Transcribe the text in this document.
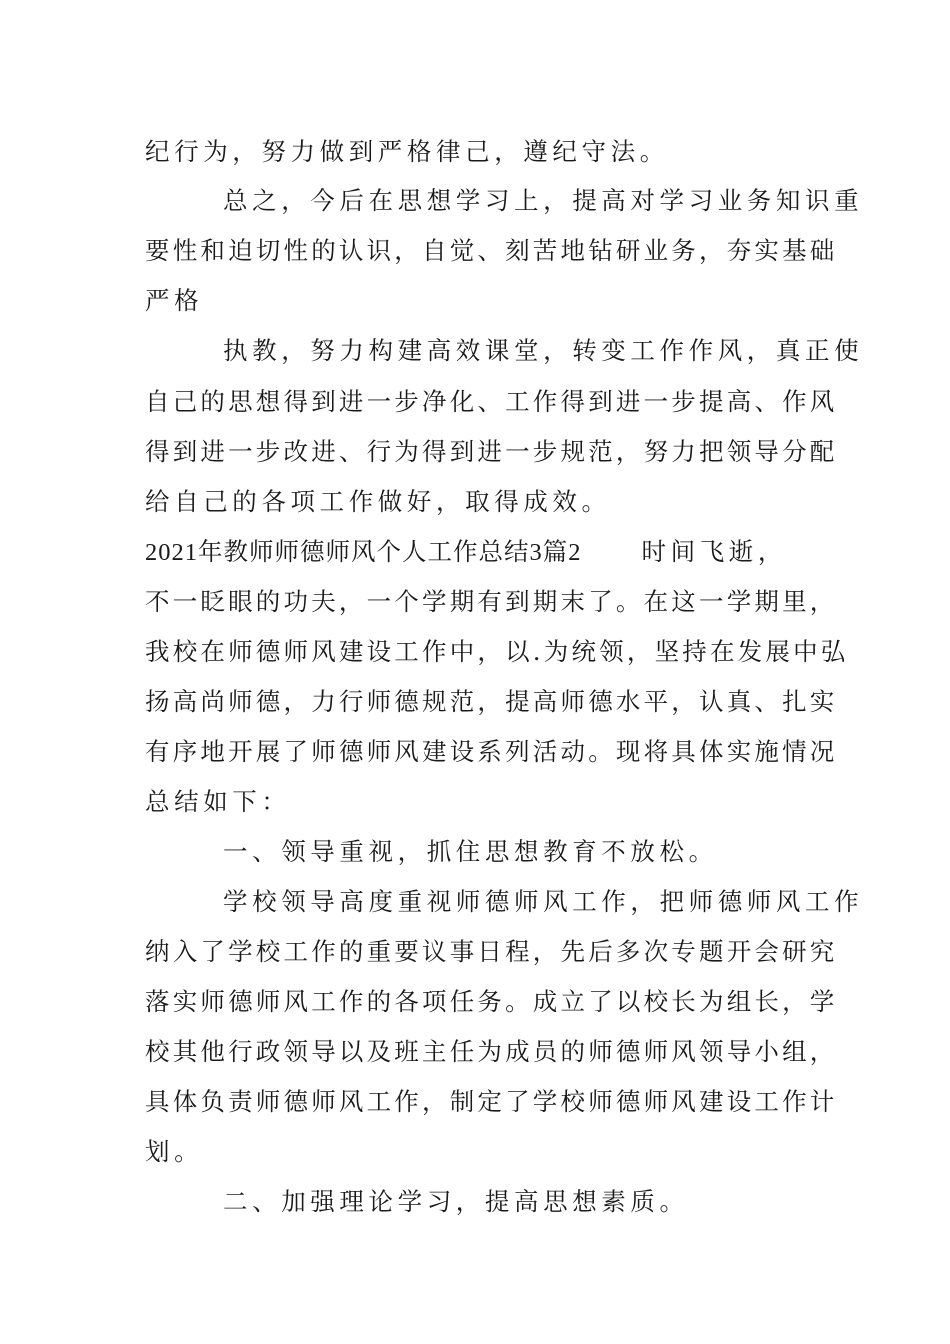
纪行为，努力做到严格律己，遵纪守法。
总之，今后在思想学习上，提高对学习业务知识重
要性和迫切性的认识，自觉、刻苦地钻研业务，夯实基础
严格
执教，努力构建高效课堂，转变工作作风，真正使
自己的思想得到进一步净化、工作得到进一步提高、作风
得到进一步改进、行为得到进一步规范，努力把领导分配
给自己的各项工作做好，取得成效。
2021年教师师德师风个人工作总结3篇2 时间飞逝，
不一眨眼的功夫，一个学期有到期末了。在这一学期里，
我校在师德师风建设工作中，以.为统领，坚持在发展中弘
扬高尚师德，力行师德规范，提高师德水平，认真、扎实
有序地开展了师德师风建设系列活动。现将具体实施情况
总结如下：
一、领导重视，抓住思想教育不放松。
学校领导高度重视师德师风工作，把师德师风工作
纳入了学校工作的重要议事日程，先后多次专题开会研究
落实师德师风工作的各项任务。成立了以校长为组长，学
校其他行政领导以及班主任为成员的师德师风领导小组，
具体负责师德师风工作，制定了学校师德师风建设工作计
划。
二、加强理论学习，提高思想素质。
